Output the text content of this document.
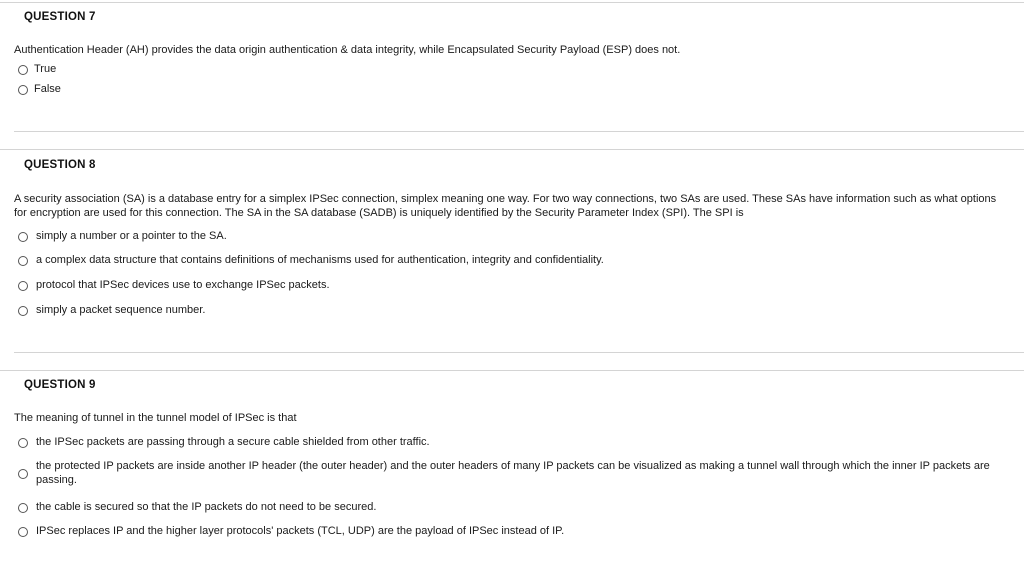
QUESTION 7
Authentication Header (AH) provides the data origin authentication & data integrity, while Encapsulated Security Payload (ESP) does not.
True
False
QUESTION 8
A security association (SA) is a database entry for a simplex IPSec connection, simplex meaning one way. For two way connections, two SAs are used. These SAs have information such as what options for encryption are used for this connection. The SA in the SA database (SADB) is uniquely identified by the Security Parameter Index (SPI). The SPI is
simply a number or a pointer to the SA.
a complex data structure that contains definitions of mechanisms used for authentication, integrity and confidentiality.
protocol that IPSec devices use to exchange IPSec packets.
simply a packet sequence number.
QUESTION 9
The meaning of tunnel in the tunnel model of IPSec is that
the IPSec packets are passing through a secure cable shielded from other traffic.
the protected IP packets are inside another IP header (the outer header) and the outer headers of many IP packets can be visualized as making a tunnel wall through which the inner IP packets are passing.
the cable is secured so that the IP packets do not need to be secured.
IPSec replaces IP and the higher layer protocols' packets (TCL, UDP) are the payload of IPSec instead of IP.
